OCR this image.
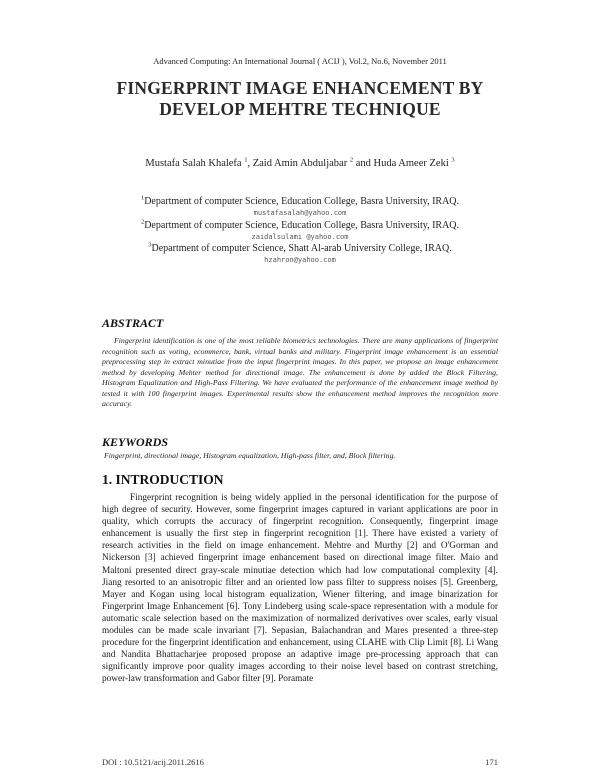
Advanced Computing: An International Journal ( ACIJ ), Vol.2, No.6, November 2011
FINGERPRINT IMAGE ENHANCEMENT BY
DEVELOP MEHTRE TECHNIQUE
Mustafa Salah Khalefa $^1$, Zaid Amin Abduljabar $^2$ and Huda Ameer Zeki $^3$
$^1$Department of computer Science, Education College, Basra University, IRAQ.
mustafasalah@yahoo.com
$^2$Department of computer Science, Education College, Basra University, IRAQ.
zaidalsulami @yahoo.com
$^3$Department of computer Science, Shatt Al-arab University College, IRAQ.
hzahron@yahoo.com
ABSTRACT
Fingerprint identification is one of the most reliable biometrics technologies. There are many applications of fingerprint recognition such as voting, ecommerce, bank, virtual banks and military. Fingerprint image enhancement is an essential preprocessing step in extract minutiae from the input fingerprint images. In this paper, we propose an image enhancement method by developing Mehter method for directional image. The enhancement is done by added the Block Filtering, Histogram Equalization and High-Pass Filtering. We have evaluated the performance of the enhancement image method by tested it with 100 fingerprint images. Experimental results show the enhancement method improves the recognition more accuracy.
KEYWORDS
Fingerprint, directional image, Histogram equalization, High-pass filter, and, Block filtering.
1. INTRODUCTION
Fingerprint recognition is being widely applied in the personal identification for the purpose of high degree of security. However, some fingerprint images captured in variant applications are poor in quality, which corrupts the accuracy of fingerprint recognition. Consequently, fingerprint image enhancement is usually the first step in fingerprint recognition [1]. There have existed a variety of research activities in the field on image enhancement. Mehtre and Murthy [2] and O'Gorman and Nickerson [3] achieved fingerprint image enhancement based on directional image filter. Maio and Maltoni presented direct gray-scale minutiae detection which had low computational complexity [4]. Jiang resorted to an anisotropic filter and an oriented low pass filter to suppress noises [5]. Greenberg, Mayer and Kogan using local histogram equalization, Wiener filtering, and image binarization for Fingerprint Image Enhancement [6]. Tony Lindeberg using scale-space representation with a module for automatic scale selection based on the maximization of normalized derivatives over scales, early visual modules can be made scale invariant [7]. Sepasian, Balachandran and Mares presented a three-step procedure for the fingerprint identification and enhancement, using CLAHE with Clip Limit [8]. Li Wang and Nandita Bhattacharjee proposed propose an adaptive image pre-processing approach that can significantly improve poor quality images according to their noise level based on contrast stretching, power-law transformation and Gabor filter [9]. Poramate
DOI : 10.5121/acij.2011.2616	171
